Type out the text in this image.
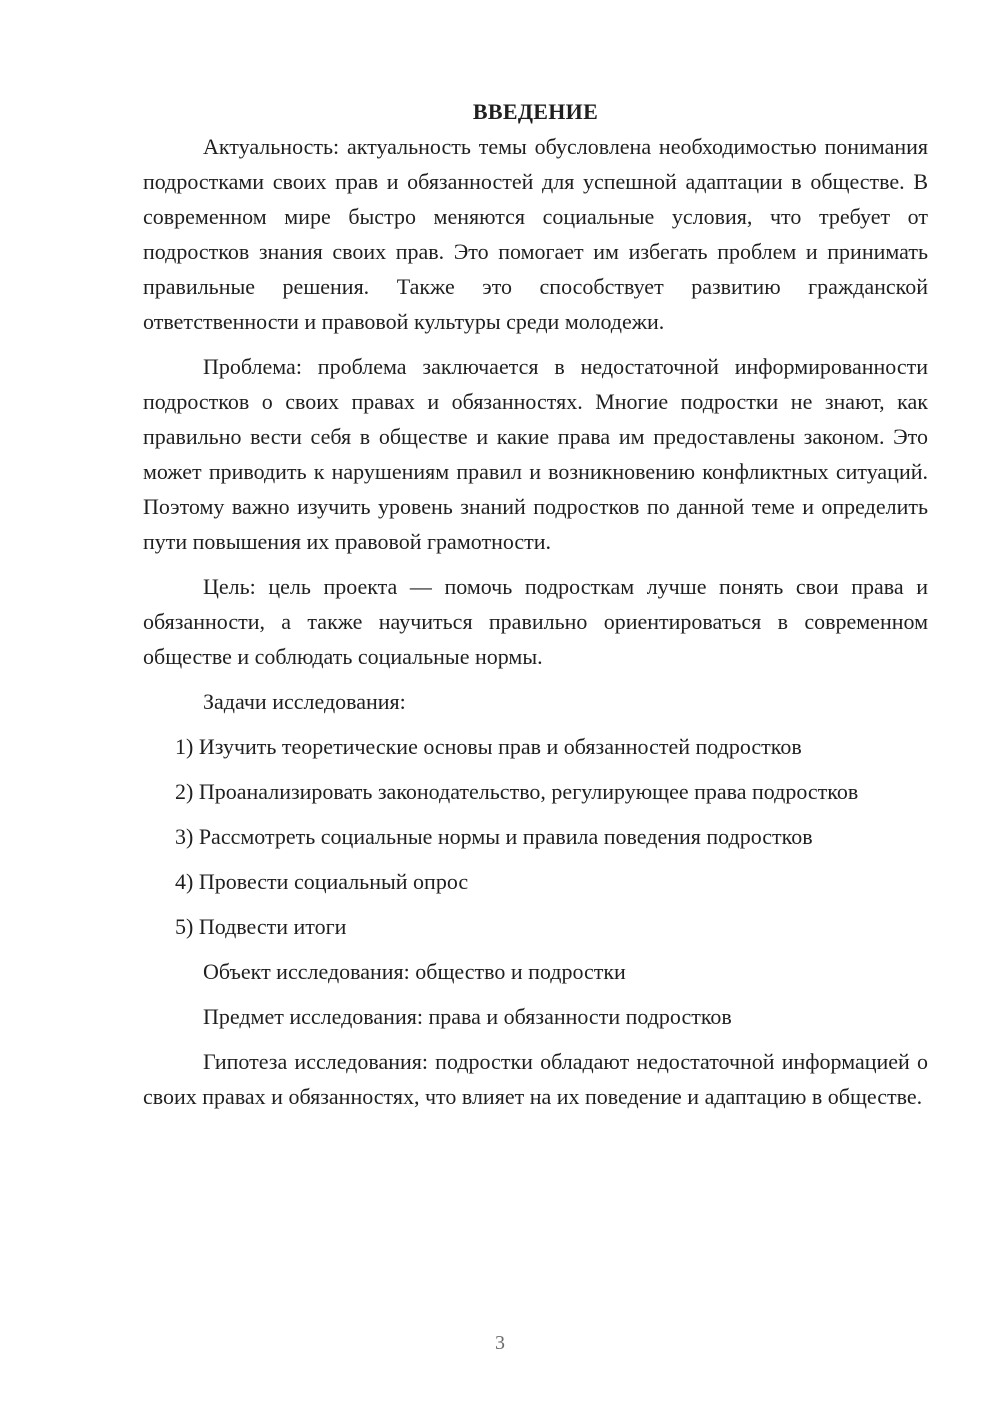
ВВЕДЕНИЕ

Актуальность: актуальность темы обусловлена необходимостью понимания подростками своих прав и обязанностей для успешной адаптации в обществе. В современном мире быстро меняются социальные условия, что требует от подростков знания своих прав. Это помогает им избегать проблем и принимать правильные решения. Также это способствует развитию гражданской ответственности и правовой культуры среди молодежи.

Проблема: проблема заключается в недостаточной информированности подростков о своих правах и обязанностях. Многие подростки не знают, как правильно вести себя в обществе и какие права им предоставлены законом. Это может приводить к нарушениям правил и возникновению конфликтных ситуаций. Поэтому важно изучить уровень знаний подростков по данной теме и определить пути повышения их правовой грамотности.

Цель: цель проекта — помочь подросткам лучше понять свои права и обязанности, а также научиться правильно ориентироваться в современном обществе и соблюдать социальные нормы.

Задачи исследования:

1) Изучить теоретические основы прав и обязанностей подростков

2) Проанализировать законодательство, регулирующее права подростков

3) Рассмотреть социальные нормы и правила поведения подростков

4) Провести социальный опрос

5) Подвести итоги

Объект исследования: общество и подростки

Предмет исследования: права и обязанности подростков

Гипотеза исследования: подростки обладают недостаточной информацией о своих правах и обязанностях, что влияет на их поведение и адаптацию в обществе.

3
